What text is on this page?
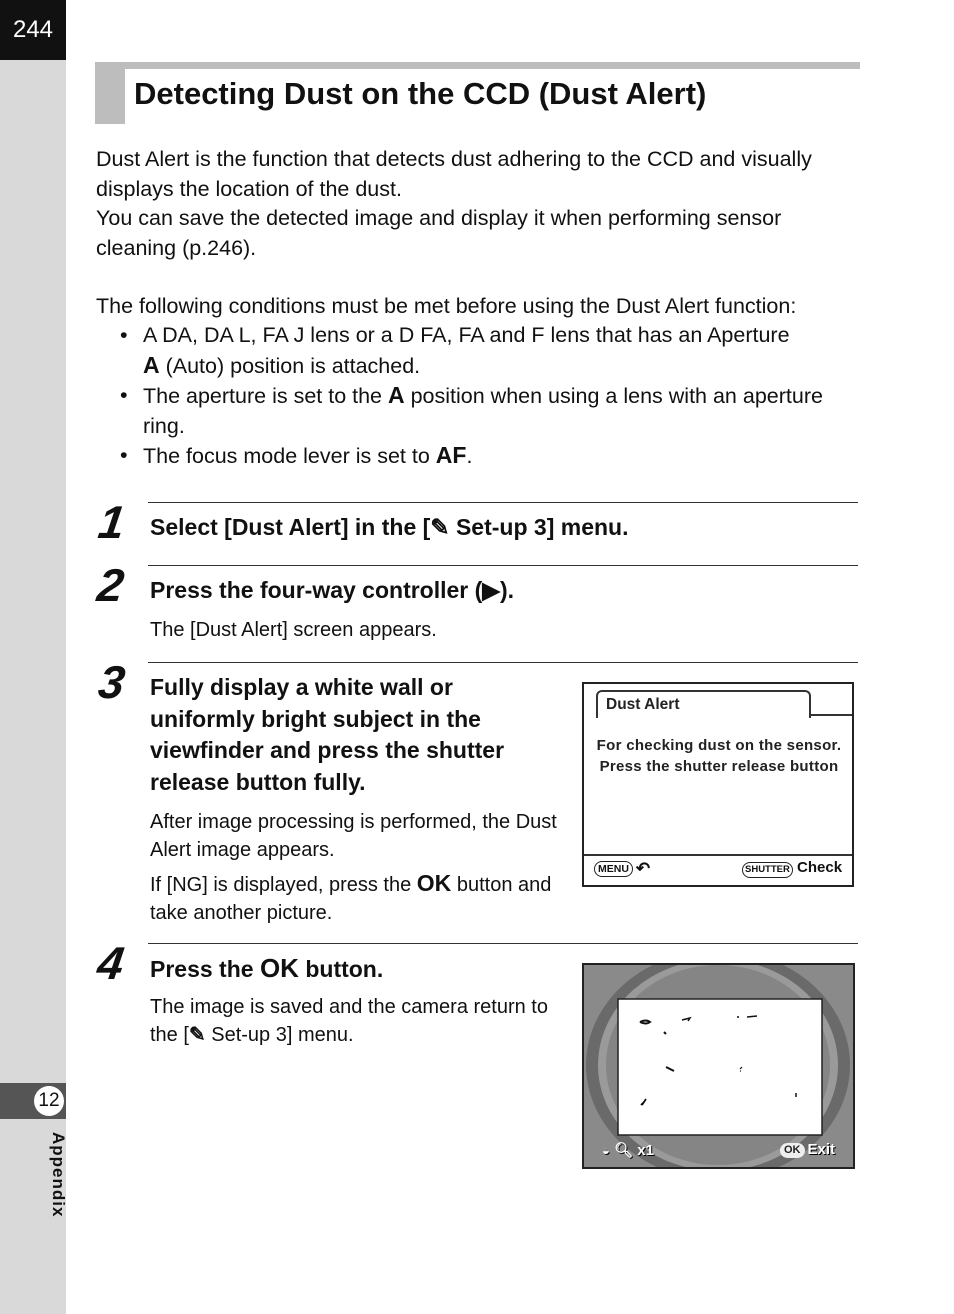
244
12
Appendix
Detecting Dust on the CCD (Dust Alert)
Dust Alert is the function that detects dust adhering to the CCD and visually displays the location of the dust.
You can save the detected image and display it when performing sensor cleaning (p.246).

The following conditions must be met before using the Dust Alert function:

• A DA, DA L, FA J lens or a D FA, FA and F lens that has an Aperture
A (Auto) position is attached.
• The aperture is set to the A position when using a lens with an aperture ring.
• The focus mode lever is set to AF.
1 Select [Dust Alert] in the [✎ Set-up 3] menu.

2 Press the four-way controller (▶).

The [Dust Alert] screen appears.

3 Fully display a white wall or uniformly bright subject in the viewfinder and press the shutter release button fully.

After image processing is performed, the Dust Alert image appears.

If [NG] is displayed, press the OK button and take another picture.

Dust Alert
For checking dust on the sensor. Press the shutter release button
MENU ↶	SHUTTER Check
4 Press the OK button.

The image is saved and the camera return to the [✎ Set-up 3] menu.

◒ 🔍︎ x1	OK Exit
